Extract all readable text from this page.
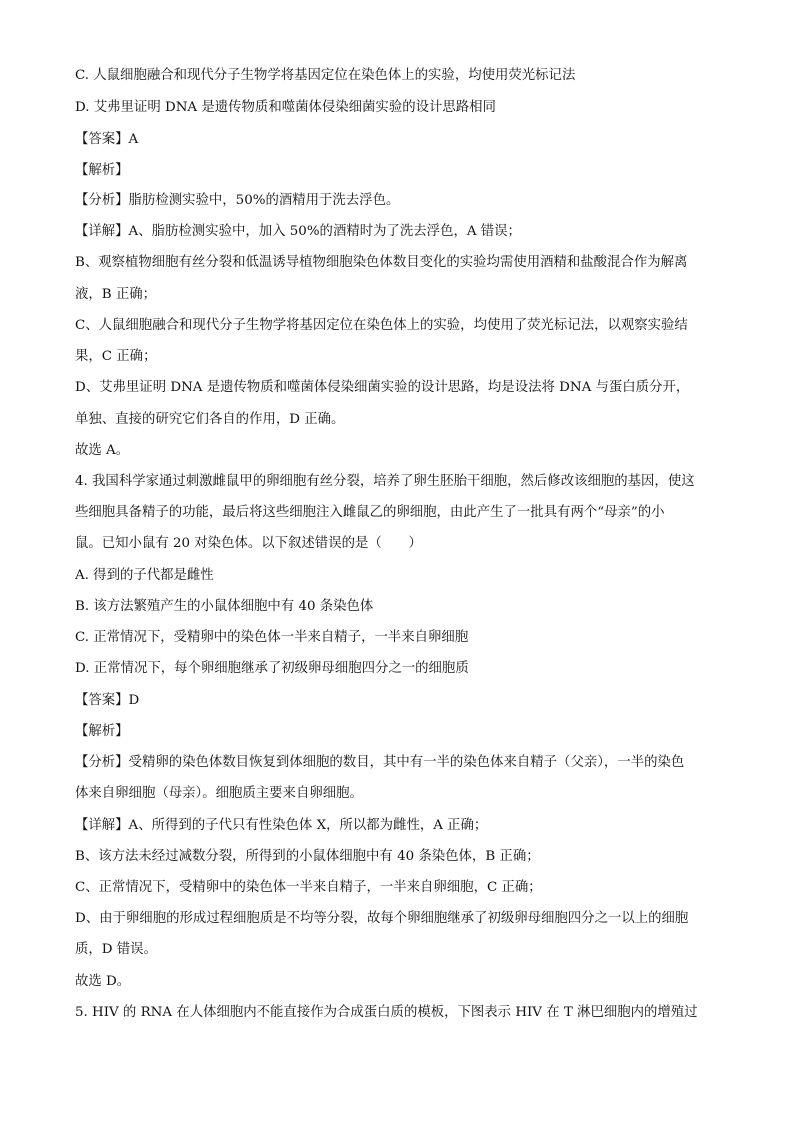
C. 人鼠细胞融合和现代分子生物学将基因定位在染色体上的实验，均使用荧光标记法
D. 艾弗里证明 DNA 是遗传物质和噬菌体侵染细菌实验的设计思路相同
【答案】A
【解析】
【分析】脂肪检测实验中，50%的酒精用于洗去浮色。
【详解】A、脂肪检测实验中，加入 50%的酒精时为了洗去浮色，A 错误；
B、观察植物细胞有丝分裂和低温诱导植物细胞染色体数目变化的实验均需使用酒精和盐酸混合作为解离
液，B 正确；
C、人鼠细胞融合和现代分子生物学将基因定位在染色体上的实验，均使用了荧光标记法，以观察实验结
果，C 正确；
D、艾弗里证明 DNA 是遗传物质和噬菌体侵染细菌实验的设计思路，均是设法将 DNA 与蛋白质分开，
单独、直接的研究它们各自的作用，D 正确。
故选 A。
4. 我国科学家通过刺激雌鼠甲的卵细胞有丝分裂，培养了卵生胚胎干细胞，然后修改该细胞的基因，使这
些细胞具备精子的功能，最后将这些细胞注入雌鼠乙的卵细胞，由此产生了一批具有两个“母亲”的小
鼠。已知小鼠有 20 对染色体。以下叙述错误的是（　　）
A. 得到的子代都是雌性
B. 该方法繁殖产生的小鼠体细胞中有 40 条染色体
C. 正常情况下，受精卵中的染色体一半来自精子，一半来自卵细胞
D. 正常情况下，每个卵细胞继承了初级卵母细胞四分之一的细胞质
【答案】D
【解析】
【分析】受精卵的染色体数目恢复到体细胞的数目，其中有一半的染色体来自精子（父亲），一半的染色
体来自卵细胞（母亲）。细胞质主要来自卵细胞。
【详解】A、所得到的子代只有性染色体 X，所以都为雌性，A 正确；
B、该方法未经过减数分裂，所得到的小鼠体细胞中有 40 条染色体，B 正确；
C、正常情况下，受精卵中的染色体一半来自精子，一半来自卵细胞，C 正确；
D、由于卵细胞的形成过程细胞质是不均等分裂，故每个卵细胞继承了初级卵母细胞四分之一以上的细胞
质，D 错误。
故选 D。
5. HIV 的 RNA 在人体细胞内不能直接作为合成蛋白质的模板，下图表示 HIV 在 T 淋巴细胞内的增殖过
